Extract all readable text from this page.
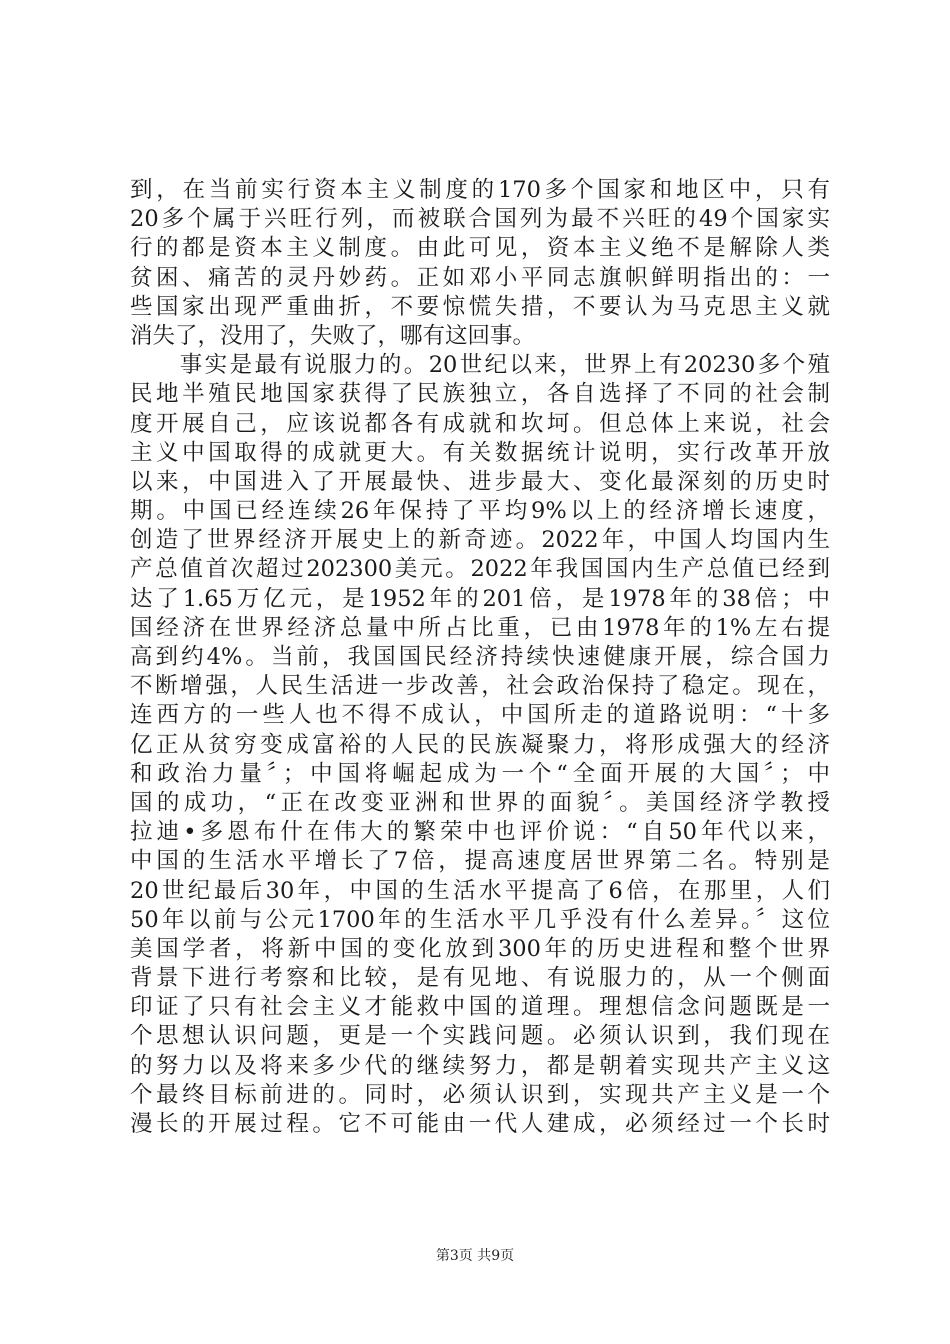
到，在当前实行资本主义制度的170多个国家和地区中，只有
20多个属于兴旺行列，而被联合国列为最不兴旺的49个国家实
行的都是资本主义制度。由此可见，资本主义绝不是解除人类
贫困、痛苦的灵丹妙药。正如邓小平同志旗帜鲜明指出的：一
些国家出现严重曲折，不要惊慌失措，不要认为马克思主义就
消失了，没用了，失败了，哪有这回事。
　　事实是最有说服力的。20世纪以来，世界上有20230多个殖
民地半殖民地国家获得了民族独立，各自选择了不同的社会制
度开展自己，应该说都各有成就和坎坷。但总体上来说，社会
主义中国取得的成就更大。有关数据统计说明，实行改革开放
以来，中国进入了开展最快、进步最大、变化最深刻的历史时
期。中国已经连续26年保持了平均9%以上的经济增长速度，
创造了世界经济开展史上的新奇迹。2022年，中国人均国内生
产总值首次超过202300美元。2022年我国国内生产总值已经到
达了1.65万亿元，是1952年的201倍，是1978年的38倍；中
国经济在世界经济总量中所占比重，已由1978年的1%左右提
高到约4%。当前，我国国民经济持续快速健康开展，综合国力
不断增强，人民生活进一步改善，社会政治保持了稳定。现在，
连西方的一些人也不得不成认，中国所走的道路说明：“十多
亿正从贫穷变成富裕的人民的民族凝聚力，将形成强大的经济
和政治力量〞；中国将崛起成为一个“全面开展的大国〞；中
国的成功，“正在改变亚洲和世界的面貌〞。美国经济学教授
拉迪•多恩布什在伟大的繁荣中也评价说：“自50年代以来，
中国的生活水平增长了7倍，提高速度居世界第二名。特别是
20世纪最后30年，中国的生活水平提高了6倍，在那里，人们
50年以前与公元1700年的生活水平几乎没有什么差异。〞这位
美国学者，将新中国的变化放到300年的历史进程和整个世界
背景下进行考察和比较，是有见地、有说服力的，从一个侧面
印证了只有社会主义才能救中国的道理。理想信念问题既是一
个思想认识问题，更是一个实践问题。必须认识到，我们现在
的努力以及将来多少代的继续努力，都是朝着实现共产主义这
个最终目标前进的。同时，必须认识到，实现共产主义是一个
漫长的开展过程。它不可能由一代人建成，必须经过一个长时
第3页 共9页
